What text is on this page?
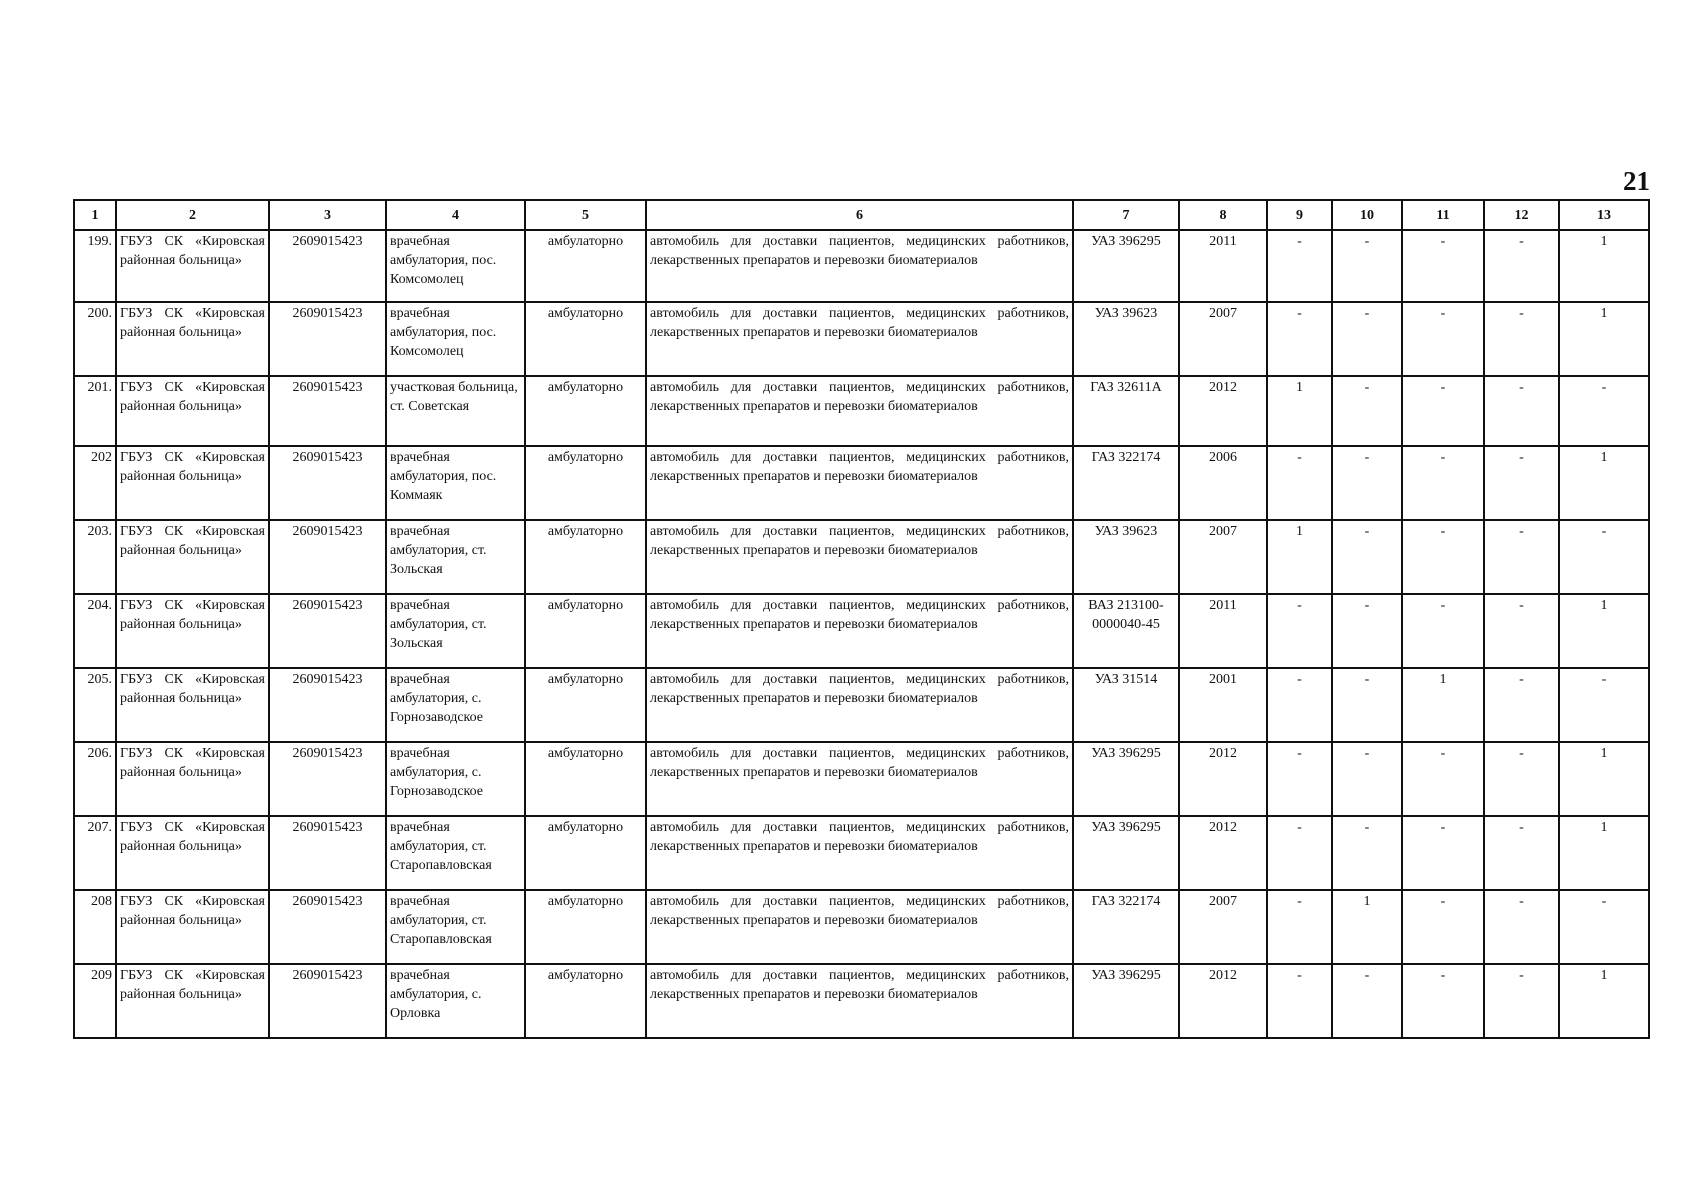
21
1	2	3	4	5	6	7	8	9	10	11	12	13
199.	ГБУЗ СК «Кировская районная больница»	2609015423	врачебная амбулатория, пос. Комсомолец	амбулаторно	автомобиль для доставки пациентов, медицинских работников, лекарственных препаратов и перевозки биоматериалов	УАЗ 396295	2011	-	-	-	-	1
200.	ГБУЗ СК «Кировская районная больница»	2609015423	врачебная амбулатория, пос. Комсомолец	амбулаторно	автомобиль для доставки пациентов, медицинских работников, лекарственных препаратов и перевозки биоматериалов	УАЗ 39623	2007	-	-	-	-	1
201.	ГБУЗ СК «Кировская районная больница»	2609015423	участковая больница, ст. Советская	амбулаторно	автомобиль для доставки пациентов, медицинских работников, лекарственных препаратов и перевозки биоматериалов	ГАЗ 32611А	2012	1	-	-	-	-
202	ГБУЗ СК «Кировская районная больница»	2609015423	врачебная амбулатория, пос. Коммаяк	амбулаторно	автомобиль для доставки пациентов, медицинских работников, лекарственных препаратов и перевозки биоматериалов	ГАЗ 322174	2006	-	-	-	-	1
203.	ГБУЗ СК «Кировская районная больница»	2609015423	врачебная амбулатория, ст. Зольская	амбулаторно	автомобиль для доставки пациентов, медицинских работников, лекарственных препаратов и перевозки биоматериалов	УАЗ 39623	2007	1	-	-	-	-
204.	ГБУЗ СК «Кировская районная больница»	2609015423	врачебная амбулатория, ст. Зольская	амбулаторно	автомобиль для доставки пациентов, медицинских работников, лекарственных препаратов и перевозки биоматериалов	ВАЗ 213100-0000040-45	2011	-	-	-	-	1
205.	ГБУЗ СК «Кировская районная больница»	2609015423	врачебная амбулатория, с. Горнозаводское	амбулаторно	автомобиль для доставки пациентов, медицинских работников, лекарственных препаратов и перевозки биоматериалов	УАЗ 31514	2001	-	-	1	-	-
206.	ГБУЗ СК «Кировская районная больница»	2609015423	врачебная амбулатория, с. Горнозаводское	амбулаторно	автомобиль для доставки пациентов, медицинских работников, лекарственных препаратов и перевозки биоматериалов	УАЗ 396295	2012	-	-	-	-	1
207.	ГБУЗ СК «Кировская районная больница»	2609015423	врачебная амбулатория, ст. Старопавловская	амбулаторно	автомобиль для доставки пациентов, медицинских работников, лекарственных препаратов и перевозки биоматериалов	УАЗ 396295	2012	-	-	-	-	1
208	ГБУЗ СК «Кировская районная больница»	2609015423	врачебная амбулатория, ст. Старопавловская	амбулаторно	автомобиль для доставки пациентов, медицинских работников, лекарственных препаратов и перевозки биоматериалов	ГАЗ 322174	2007	-	1	-	-	-
209	ГБУЗ СК «Кировская районная больница»	2609015423	врачебная амбулатория, с. Орловка	амбулаторно	автомобиль для доставки пациентов, медицинских работников, лекарственных препаратов и перевозки биоматериалов	УАЗ 396295	2012	-	-	-	-	1
